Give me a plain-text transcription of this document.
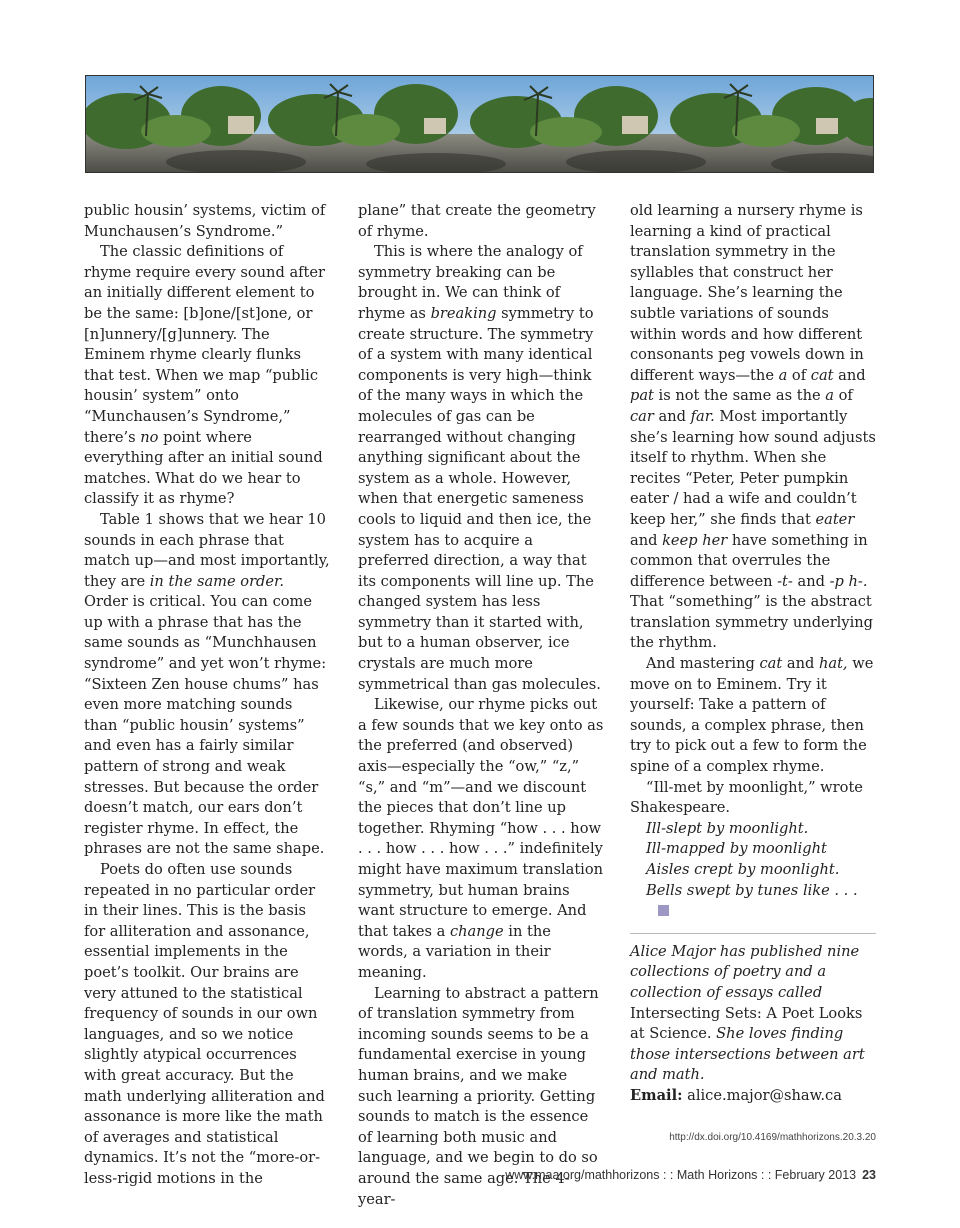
public housin’ systems, victim of Munchausen’s Syndrome.”

The classic definitions of rhyme require every sound after an initially different element to be the same: [b]one/[st]one, or [n]unnery/[g]unnery. The Eminem rhyme clearly flunks that test. When we map “public housin’ system” onto “Munchausen’s Syndrome,” there’s no point where everything after an initial sound matches. What do we hear to classify it as rhyme?

Table 1 shows that we hear 10 sounds in each phrase that match up—and most importantly, they are in the same order. Order is critical. You can come up with a phrase that has the same sounds as “Munchhausen syndrome” and yet won’t rhyme: “Sixteen Zen house chums” has even more matching sounds than “public housin’ systems” and even has a fairly similar pattern of strong and weak stresses. But because the order doesn’t match, our ears don’t register rhyme. In effect, the phrases are not the same shape.

Poets do often use sounds repeated in no particular order in their lines. This is the basis for alliteration and assonance, essential implements in the poet’s toolkit. Our brains are very attuned to the statistical frequency of sounds in our own languages, and so we notice slightly atypical occurrences with great accuracy. But the math underlying alliteration and assonance is more like the math of averages and statistical dynamics. It’s not the “more-or-less-rigid motions in the

plane” that create the geometry of rhyme.

This is where the analogy of symmetry breaking can be brought in. We can think of rhyme as breaking symmetry to create structure. The symmetry of a system with many identical components is very high—think of the many ways in which the molecules of gas can be rearranged without changing anything significant about the system as a whole. However, when that energetic sameness cools to liquid and then ice, the system has to acquire a preferred direction, a way that its components will line up. The changed system has less symmetry than it started with, but to a human observer, ice crystals are much more symmetrical than gas molecules.

Likewise, our rhyme picks out a few sounds that we key onto as the preferred (and observed) axis—especially the “ow,” “z,” “s,” and “m”—and we discount the pieces that don’t line up together. Rhyming “how . . . how . . . how . . . how . . .” indefinitely might have maximum translation symmetry, but human brains want structure to emerge. And that takes a change in the words, a variation in their meaning.

Learning to abstract a pattern of translation symmetry from incoming sounds seems to be a fundamental exercise in young human brains, and we make such learning a priority. Getting sounds to match is the essence of learning both music and language, and we begin to do so around the same age. The 4-year-

old learning a nursery rhyme is learning a kind of practical translation symmetry in the syllables that construct her language. She’s learning the subtle variations of sounds within words and how different consonants peg vowels down in different ways—the a of cat and pat is not the same as the a of car and far. Most importantly she’s learning how sound adjusts itself to rhythm. When she recites “Peter, Peter pumpkin eater / had a wife and couldn’t keep her,” she finds that eater and keep her have something in common that overrules the difference between -t- and -p h-. That “something” is the abstract translation symmetry underlying the rhythm.

And mastering cat and hat, we move on to Eminem. Try it yourself: Take a pattern of sounds, a complex phrase, then try to pick out a few to form the spine of a complex rhyme.

“Ill-met by moonlight,” wrote Shakespeare.

Ill-slept by moonlight.
Ill-mapped by moonlight
Aisles crept by moonlight.
Bells swept by tunes like . . .
Alice Major has published nine collections of poetry and a collection of essays called Intersecting Sets: A Poet Looks at Science. She loves finding those intersections between art and math.
Email: alice.major@shaw.ca
http://dx.doi.org/10.4169/mathhorizons.20.3.20
www.maa.org/mathhorizons : : Math Horizons : : February 2013 23
